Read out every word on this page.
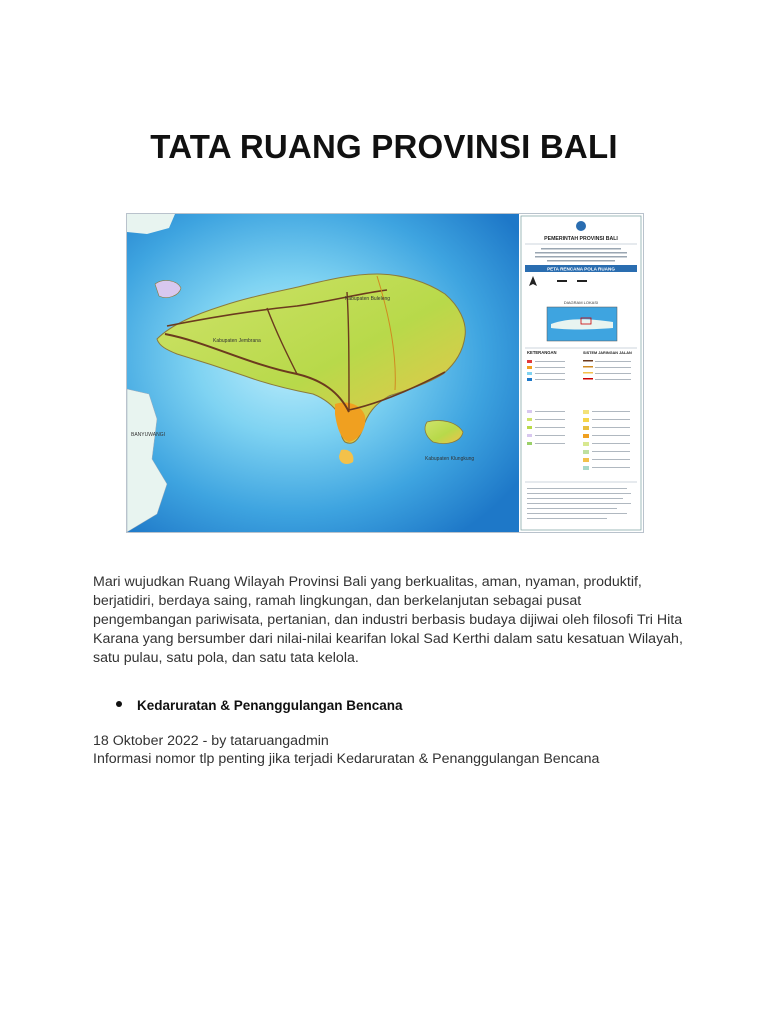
TATA RUANG PROVINSI BALI
Kabupaten Buleleng
Kabupaten Jembrana
Kabupaten Klungkung
BANYUWANGI
PEMERINTAH PROVINSI BALI
PETA RENCANA POLA RUANG
DIAGRAM LOKASI
KETERANGAN	SISTEM JARINGAN JALAN
Mari wujudkan Ruang Wilayah Provinsi Bali yang berkualitas, aman, nyaman, produktif, berjatidiri, berdaya saing, ramah lingkungan, dan berkelanjutan sebagai pusat pengembangan pariwisata, pertanian, dan industri berbasis budaya dijiwai oleh filosofi Tri Hita Karana yang bersumber dari nilai-nilai kearifan lokal Sad Kerthi dalam satu kesatuan Wilayah, satu pulau, satu pola, dan satu tata kelola.
Kedaruratan & Penanggulangan Bencana
18 Oktober 2022 - by tataruangadmin
Informasi nomor tlp penting jika terjadi Kedaruratan & Penanggulangan Bencana
